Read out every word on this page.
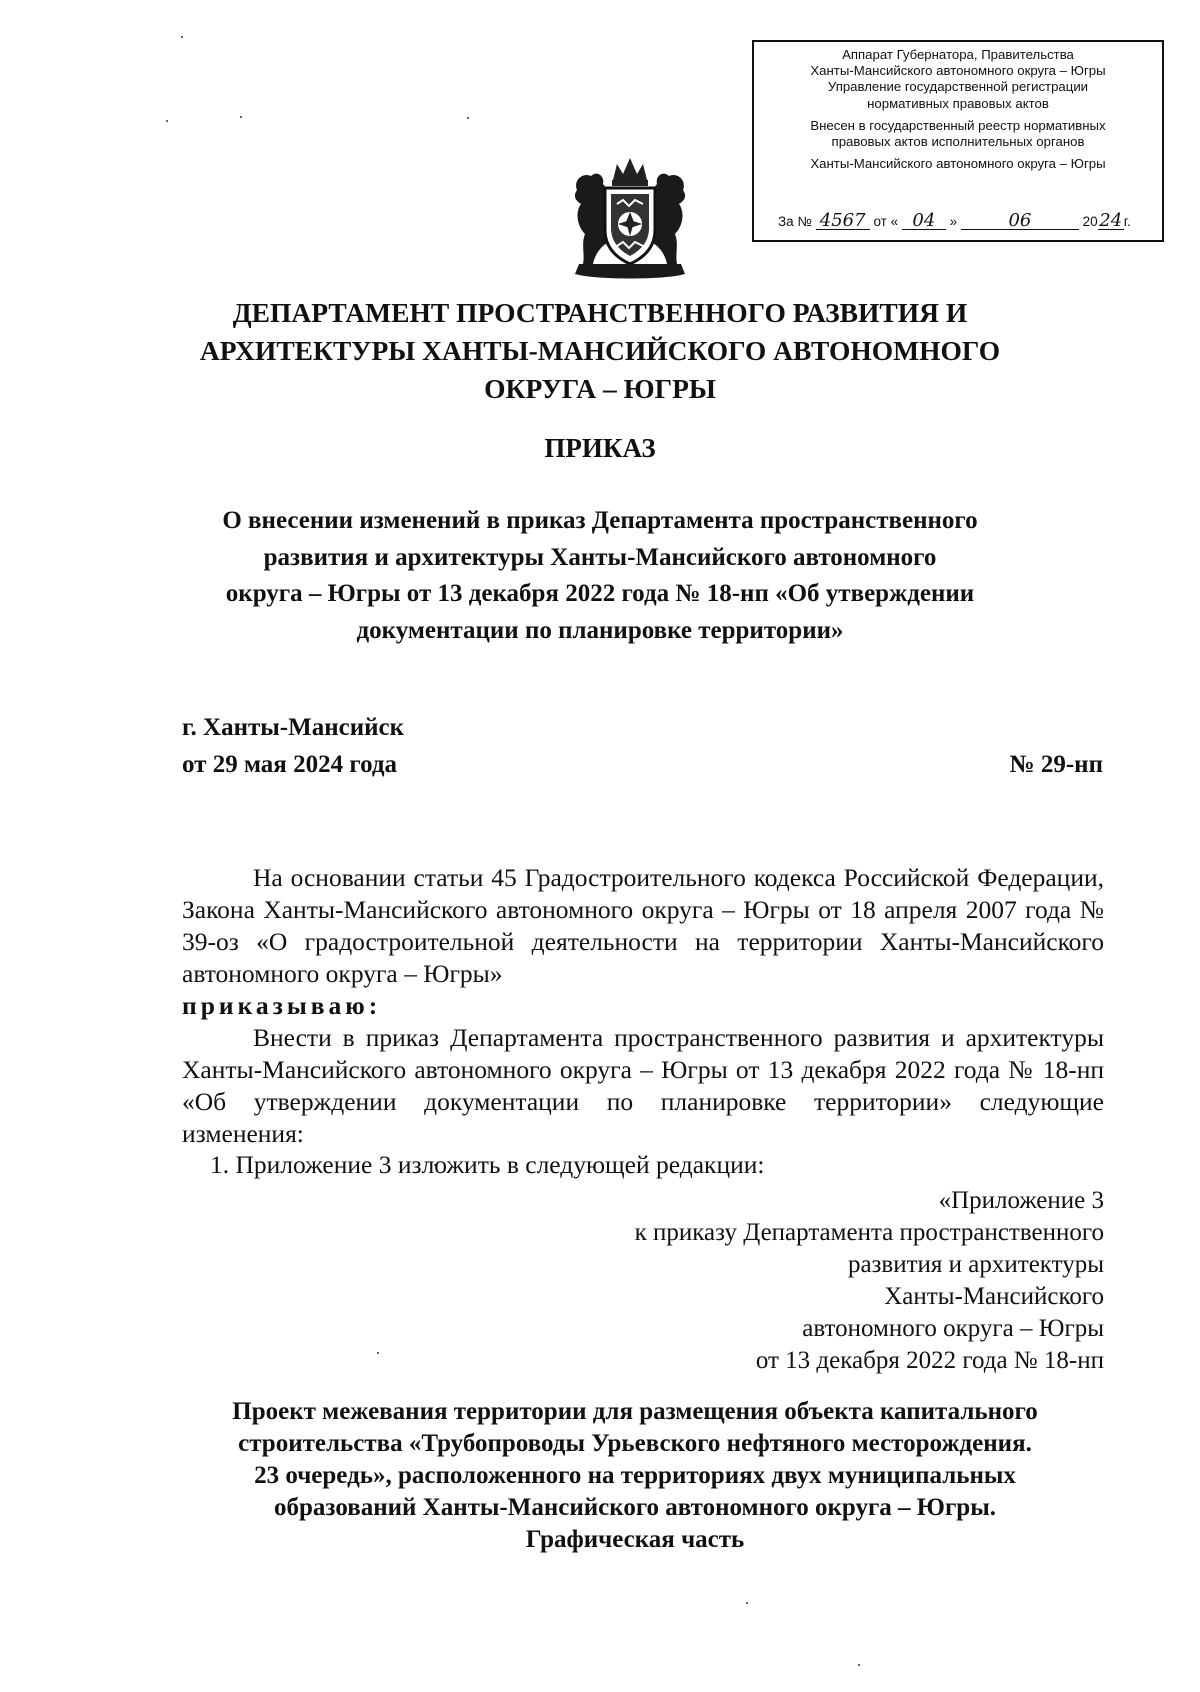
Аппарат Губернатора, Правительства
Ханты-Мансийского автономного округа – Югры
Управление государственной регистрации
нормативных правовых актов
Внесен в государственный реестр нормативных
правовых актов исполнительных органов
Ханты-Мансийского автономного округа – Югры
За № 4567 от « 04 »	06	2024 г.
ДЕПАРТАМЕНТ ПРОСТРАНСТВЕННОГО РАЗВИТИЯ И
АРХИТЕКТУРЫ ХАНТЫ-МАНСИЙСКОГО АВТОНОМНОГО
ОКРУГА – ЮГРЫ
ПРИКАЗ
О внесении изменений в приказ Департамента пространственного
развития и архитектуры Ханты-Мансийского автономного
округа – Югры от 13 декабря 2022 года № 18-нп «Об утверждении
документации по планировке территории»
г. Ханты-Мансийск
от 29 мая 2024 года	№ 29-нп

На основании статьи 45 Градостроительного кодекса Российской Федерации, Закона Ханты-Мансийского автономного округа – Югры от 18 апреля 2007 года № 39-оз «О градостроительной деятельности на территории Ханты-Мансийского автономного округа – Югры»

приказываю:

Внести в приказ Департамента пространственного развития и архитектуры Ханты-Мансийского автономного округа – Югры от 13 декабря 2022 года № 18-нп «Об утверждении документации по планировке территории» следующие изменения:

1. Приложение 3 изложить в следующей редакции:
«Приложение 3
к приказу Департамента пространственного
развития и архитектуры
Ханты-Мансийского
автономного округа – Югры
от 13 декабря 2022 года № 18-нп
Проект межевания территории для размещения объекта капитального
строительства «Трубопроводы Урьевского нефтяного месторождения.
23 очередь», расположенного на территориях двух муниципальных
образований Ханты-Мансийского автономного округа – Югры.
Графическая часть
